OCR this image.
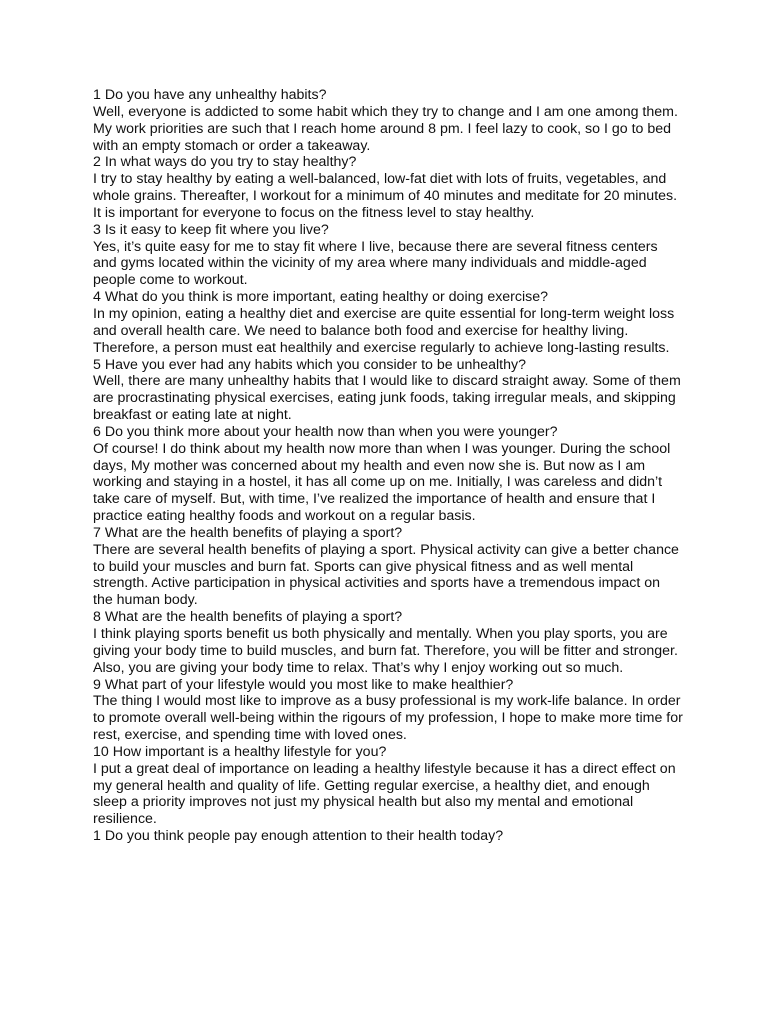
1 Do you have any unhealthy habits?

Well, everyone is addicted to some habit which they try to change and I am one among them. My work priorities are such that I reach home around 8 pm. I feel lazy to cook, so I go to bed with an empty stomach or order a takeaway.

2 In what ways do you try to stay healthy?

I try to stay healthy by eating a well-balanced, low-fat diet with lots of fruits, vegetables, and whole grains. Thereafter, I workout for a minimum of 40 minutes and meditate for 20 minutes. It is important for everyone to focus on the fitness level to stay healthy.

3 Is it easy to keep fit where you live?

Yes, it’s quite easy for me to stay fit where I live, because there are several fitness centers and gyms located within the vicinity of my area where many individuals and middle-aged people come to workout.

4 What do you think is more important, eating healthy or doing exercise?

In my opinion, eating a healthy diet and exercise are quite essential for long-term weight loss and overall health care. We need to balance both food and exercise for healthy living. Therefore, a person must eat healthily and exercise regularly to achieve long-lasting results.

5 Have you ever had any habits which you consider to be unhealthy?

Well, there are many unhealthy habits that I would like to discard straight away. Some of them are procrastinating physical exercises, eating junk foods, taking irregular meals, and skipping breakfast or eating late at night.

6 Do you think more about your health now than when you were younger?

Of course! I do think about my health now more than when I was younger. During the school days, My mother was concerned about my health and even now she is. But now as I am working and staying in a hostel, it has all come up on me. Initially, I was careless and didn’t take care of myself. But, with time, I’ve realized the importance of health and ensure that I practice eating healthy foods and workout on a regular basis.

7 What are the health benefits of playing a sport?

There are several health benefits of playing a sport. Physical activity can give a better chance to build your muscles and burn fat. Sports can give physical fitness and as well mental strength. Active participation in physical activities and sports have a tremendous impact on the human body.

8 What are the health benefits of playing a sport?

I think playing sports benefit us both physically and mentally. When you play sports, you are giving your body time to build muscles, and burn fat. Therefore, you will be fitter and stronger. Also, you are giving your body time to relax. That’s why I enjoy working out so much.

9 What part of your lifestyle would you most like to make healthier?

The thing I would most like to improve as a busy professional is my work-life balance. In order to promote overall well-being within the rigours of my profession, I hope to make more time for rest, exercise, and spending time with loved ones.

10 How important is a healthy lifestyle for you?

I put a great deal of importance on leading a healthy lifestyle because it has a direct effect on my general health and quality of life. Getting regular exercise, a healthy diet, and enough sleep a priority improves not just my physical health but also my mental and emotional resilience.

1 Do you think people pay enough attention to their health today?
